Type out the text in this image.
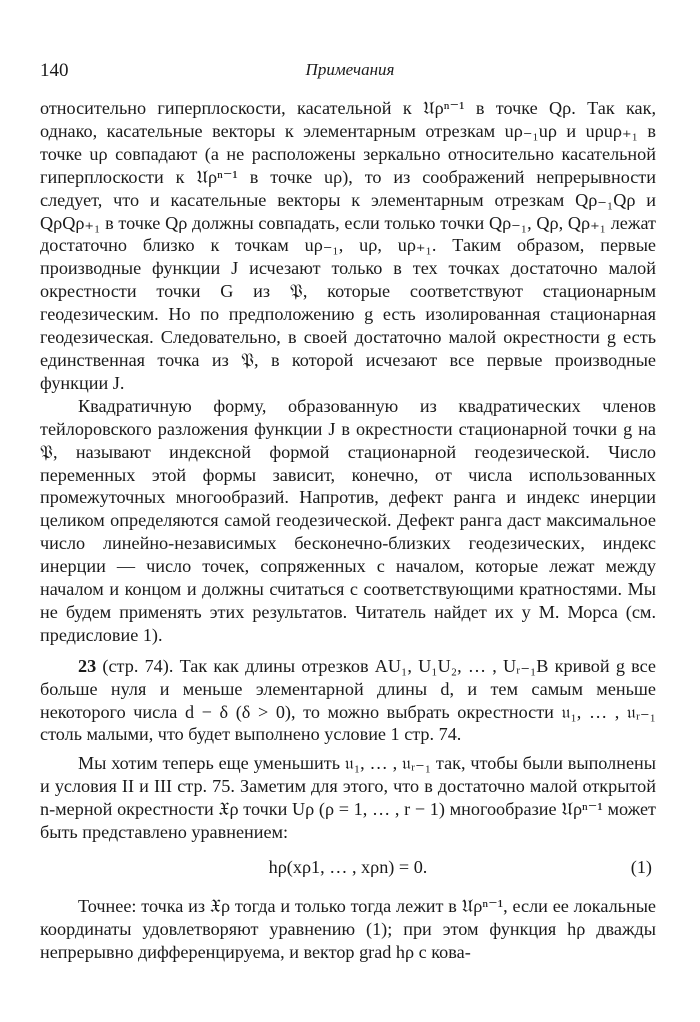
140	Примечания

относительно гиперплоскости, касательной к 𝔘ρⁿ⁻¹ в точке Qρ. Так как, однако, касательные векторы к элементарным отрезкам uρ₋₁uρ и uρuρ₊₁ в точке uρ совпадают (а не расположены зеркально относительно касательной гиперплоскости к 𝔘ρⁿ⁻¹ в точке uρ), то из соображений непрерывности следует, что и касательные векторы к элементарным отрезкам Qρ₋₁Qρ и QρQρ₊₁ в точке Qρ должны совпадать, если только точки Qρ₋₁, Qρ, Qρ₊₁ лежат достаточно близко к точкам uρ₋₁, uρ, uρ₊₁. Таким образом, первые производные функции J исчезают только в тех точках достаточно малой окрестности точки G из 𝔓, которые соответствуют стационарным геодезическим. Но по предположению g есть изолированная стационарная геодезическая. Следовательно, в своей достаточно малой окрестности g есть единственная точка из 𝔓, в которой исчезают все первые производные функции J.

Квадратичную форму, образованную из квадратических членов тейлоровского разложения функции J в окрестности стационарной точки g на 𝔓, называют индексной формой стационарной геодезической. Число переменных этой формы зависит, конечно, от числа использованных промежуточных многообразий. Напротив, дефект ранга и индекс инерции целиком определяются самой геодезической. Дефект ранга даст максимальное число линейно-независимых бесконечно-близких геодезических, индекс инерции — число точек, сопряженных с началом, которые лежат между началом и концом и должны считаться с соответствующими кратностями. Мы не будем применять этих результатов. Читатель найдет их у М. Морса (см. предисловие 1).

23 (стр. 74). Так как длины отрезков AU₁, U₁U₂, … , Uᵣ₋₁B кривой g все больше нуля и меньше элементарной длины d, и тем самым меньше некоторого числа d − δ (δ > 0), то можно выбрать окрестности 𝔲₁, … , 𝔲ᵣ₋₁ столь малыми, что будет выполнено условие 1 стр. 74.

Мы хотим теперь еще уменьшить 𝔲₁, … , 𝔲ᵣ₋₁ так, чтобы были выполнены и условия II и III стр. 75. Заметим для этого, что в достаточно малой открытой n-мерной окрестности 𝔛ρ точки Uρ (ρ = 1, … , r − 1) многообразие 𝔘ρⁿ⁻¹ может быть представлено уравнением:

hρ(xρ1, … , xρn) = 0.	(1)

Точнее: точка из 𝔛ρ тогда и только тогда лежит в 𝔘ρⁿ⁻¹, если ее локальные координаты удовлетворяют уравнению (1); при этом функция hρ дважды непрерывно дифференцируема, и вектор grad hρ с кова-
